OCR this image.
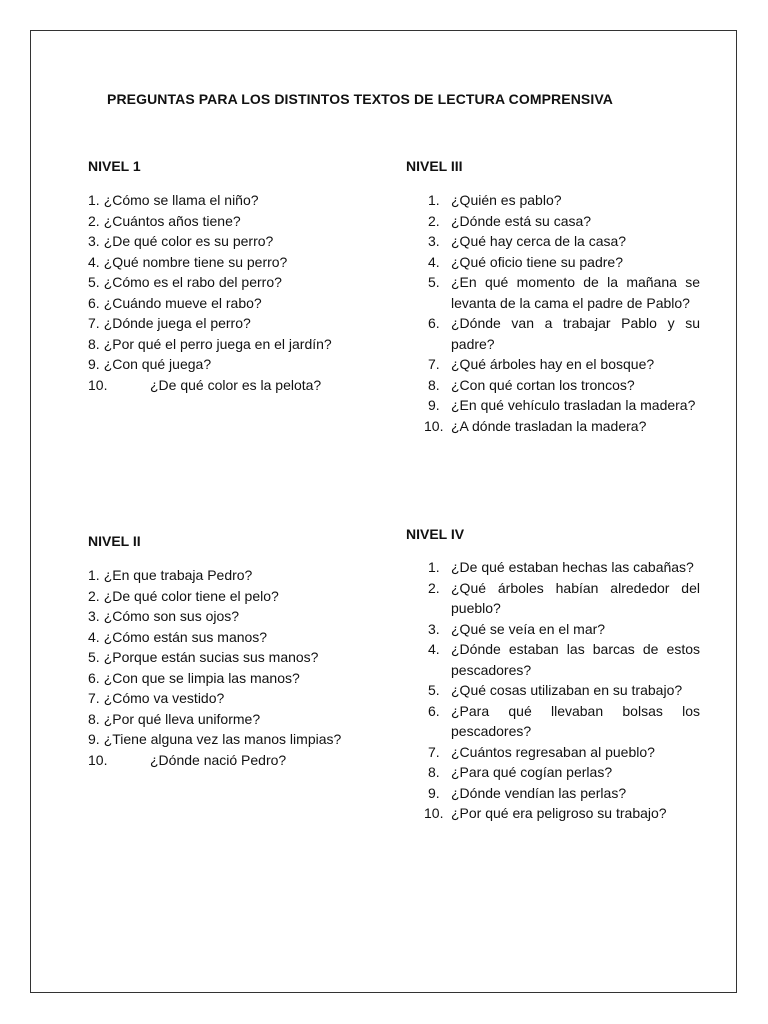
PREGUNTAS PARA LOS DISTINTOS TEXTOS DE LECTURA COMPRENSIVA
NIVEL 1
1. ¿Cómo se llama el niño?
2. ¿Cuántos años tiene?
3. ¿De qué color es su perro?
4. ¿Qué nombre tiene su perro?
5. ¿Cómo es el rabo del perro?
6. ¿Cuándo mueve el rabo?
7. ¿Dónde juega el perro?
8. ¿Por qué el perro juega en el jardín?
9. ¿Con qué juega?
10.	¿De qué color es la pelota?
NIVEL II
1. ¿En que trabaja Pedro?
2. ¿De qué color tiene el pelo?
3. ¿Cómo son sus ojos?
4. ¿Cómo están sus manos?
5. ¿Porque están sucias sus manos?
6. ¿Con que se limpia las manos?
7. ¿Cómo va vestido?
8. ¿Por qué lleva uniforme?
9. ¿Tiene alguna vez las manos limpias?
10.	¿Dónde nació Pedro?
NIVEL III
1. ¿Quién es pablo?
2. ¿Dónde está su casa?
3. ¿Qué hay cerca de la casa?
4. ¿Qué oficio tiene su padre?
5. ¿En qué momento de la mañana se levanta de la cama el padre de Pablo?
6. ¿Dónde van a trabajar Pablo y su padre?
7. ¿Qué árboles hay en el bosque?
8. ¿Con qué cortan los troncos?
9. ¿En qué vehículo trasladan la madera?
10. ¿A dónde trasladan la madera?
NIVEL IV
1. ¿De qué estaban hechas las cabañas?
2. ¿Qué árboles habían alrededor del pueblo?
3. ¿Qué se veía en el mar?
4. ¿Dónde estaban las barcas de estos pescadores?
5. ¿Qué cosas utilizaban en su trabajo?
6. ¿Para qué llevaban bolsas los pescadores?
7. ¿Cuántos regresaban al pueblo?
8. ¿Para qué cogían perlas?
9. ¿Dónde vendían las perlas?
10. ¿Por qué era peligroso su trabajo?
